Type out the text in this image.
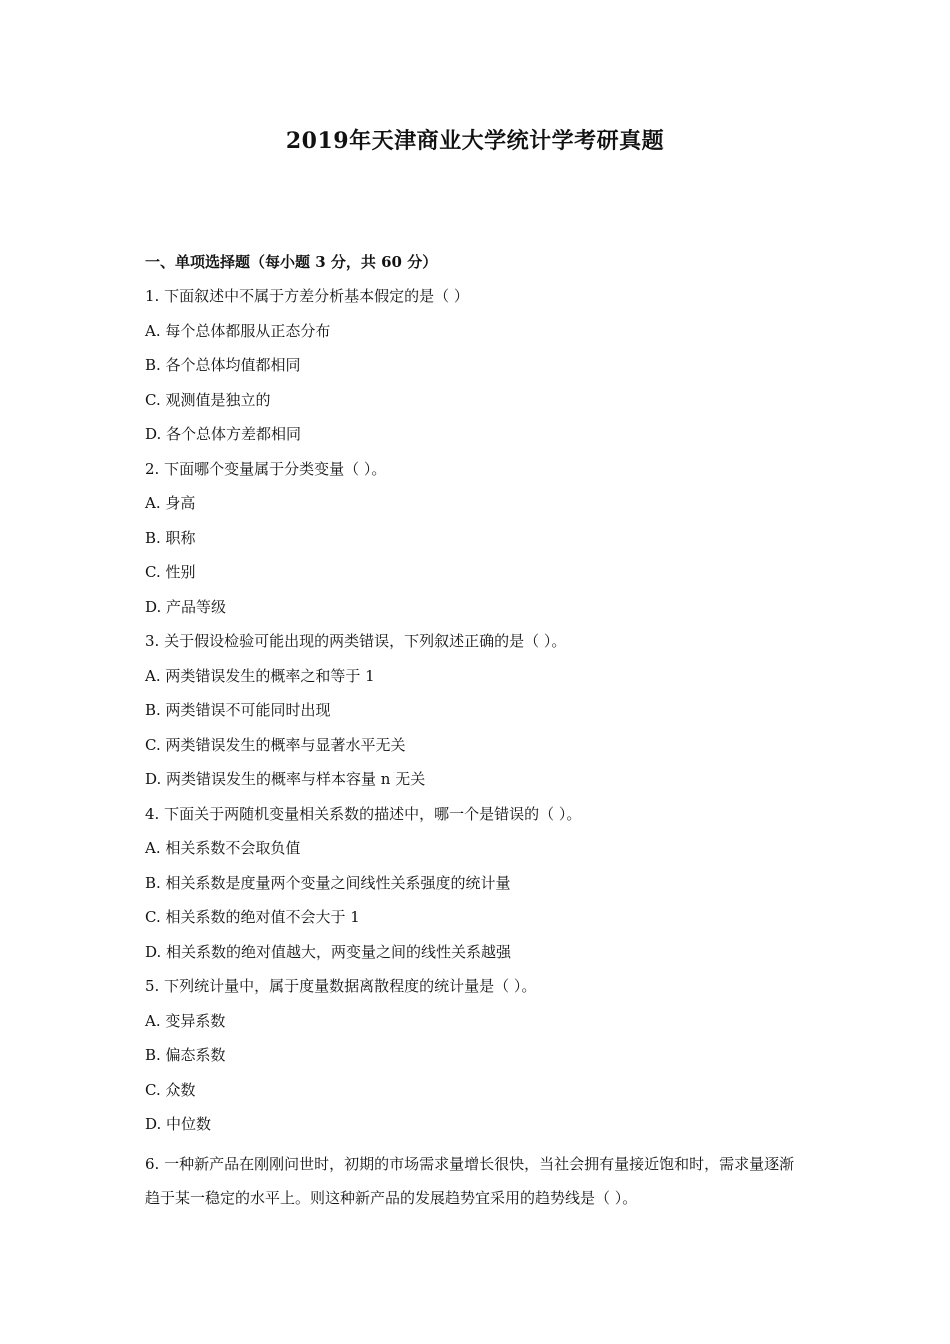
2019年天津商业大学统计学考研真题
一、单项选择题（每小题 3 分，共 60 分）
1. 下面叙述中不属于方差分析基本假定的是（ ）
A. 每个总体都服从正态分布
B. 各个总体均值都相同
C. 观测值是独立的
D. 各个总体方差都相同
2. 下面哪个变量属于分类变量（ ）。
A. 身高
B. 职称
C. 性别
D. 产品等级
3. 关于假设检验可能出现的两类错误，下列叙述正确的是（ ）。
A. 两类错误发生的概率之和等于 1
B. 两类错误不可能同时出现
C. 两类错误发生的概率与显著水平无关
D. 两类错误发生的概率与样本容量 n 无关
4. 下面关于两随机变量相关系数的描述中，哪一个是错误的（ ）。
A. 相关系数不会取负值
B. 相关系数是度量两个变量之间线性关系强度的统计量
C. 相关系数的绝对值不会大于 1
D. 相关系数的绝对值越大，两变量之间的线性关系越强
5. 下列统计量中，属于度量数据离散程度的统计量是（ ）。
A. 变异系数
B. 偏态系数
C. 众数
D. 中位数
6. 一种新产品在刚刚问世时，初期的市场需求量增长很快，当社会拥有量接近饱和时，需求量逐渐趋于某一稳定的水平上。则这种新产品的发展趋势宜采用的趋势线是（ ）。
